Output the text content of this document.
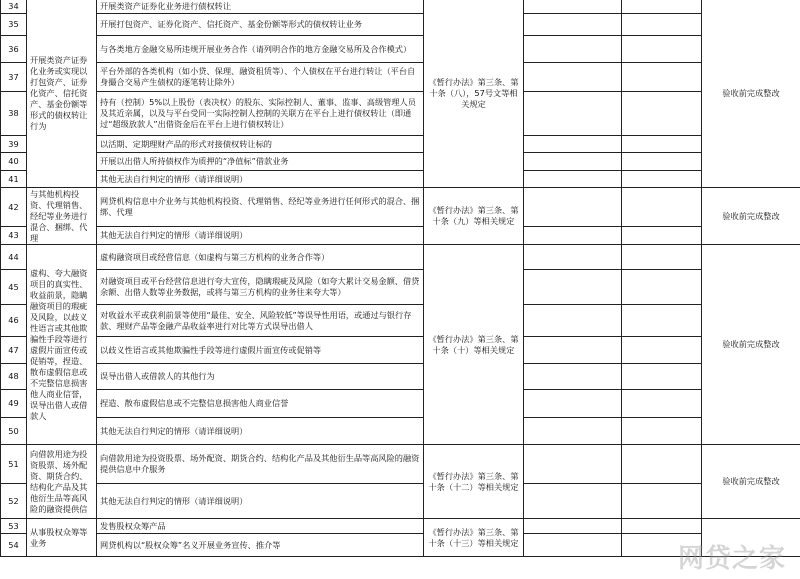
34	开展类资产证券化业务或实现以打包资产、证券化资产、信托资产、基金份额等形式的债权转让行为	开展类资产证券化业务进行债权转让	《暂行办法》第三条、第十条（八），57号文等相关规定			验收前完成整改
35		开展打包资产、证券化资产、信托资产、基金份额等形式的债权转让业务				
36		与各类地方金融交易所违规开展业务合作（请列明合作的地方金融交易所及合作模式）				
37		平台外部的各类机构（如小贷、保理、融资租赁等）、个人债权在平台进行转让（平台自身撮合交易产生债权的逐笔转让除外）				
38		持有（控制）5%以上股份（表决权）的股东、实际控制人、董事、监事、高级管理人员及其近亲属，以及与平台受同一实际控制人控制的关联方在平台上进行债权转让（即通过“超级放款人”出借资金后在平台上进行债权转让）				
39		以活期、定期理财产品的形式对接债权转让标的				
40		开展以出借人所持债权作为质押的“净值标”借款业务				
41		其他无法自行判定的情形（请详细说明）				
42	与其他机构投资、代理销售、经纪等业务进行混合、捆绑、代理	网贷机构信息中介业务与其他机构投资、代理销售、经纪等业务进行任何形式的混合、捆绑、代理	《暂行办法》第三条、第十条（九）等相关规定			验收前完成整改
43		其他无法自行判定的情形（请详细说明）				
44	虚构、夸大融资项目的真实性、收益前景，隐瞒融资项目的瑕疵及风险，以歧义性语言或其他欺骗性手段等进行虚假片面宣传或促销等，捏造、散布虚假信息或不完整信息损害他人商业信誉，误导出借人或借款人	虚构融资项目或经营信息（如虚构与第三方机构的业务合作等）	《暂行办法》第三条、第十条（十）等相关规定			验收前完成整改
45		对融资项目或平台经营信息进行夸大宣传，隐瞒瑕疵及风险（如夸大累计交易金额、借贷余额、出借人数等业务数据，或将与第三方机构的业务往来夸大等）				
46		对收益水平或获利前景等使用“最佳、安全、风险较低”等误导性用语，或通过与银行存款、理财产品等金融产品收益率进行对比等方式误导出借人				
47		以歧义性语言或其他欺骗性手段等进行虚假片面宣传或促销等				
48		误导出借人或借款人的其他行为				
49		捏造、散布虚假信息或不完整信息损害他人商业信誉				
50		其他无法自行判定的情形（请详细说明）				
51	向借款用途为投资股票、场外配资、期货合约、结构化产品及其他衍生品等高风险的融资提供信	向借款用途为投资股票、场外配资、期货合约、结构化产品及其他衍生品等高风险的融资提供信息中介服务	《暂行办法》第三条、第十条（十二）等相关规定			验收前完成整改
52		其他无法自行判定的情形（请详细说明）				
53	从事股权众筹等业务	发售股权众筹产品	《暂行办法》第三条、第十条（十三）等相关规定			
54		网贷机构以“股权众筹”名义开展业务宣传、推介等					网贷之家
